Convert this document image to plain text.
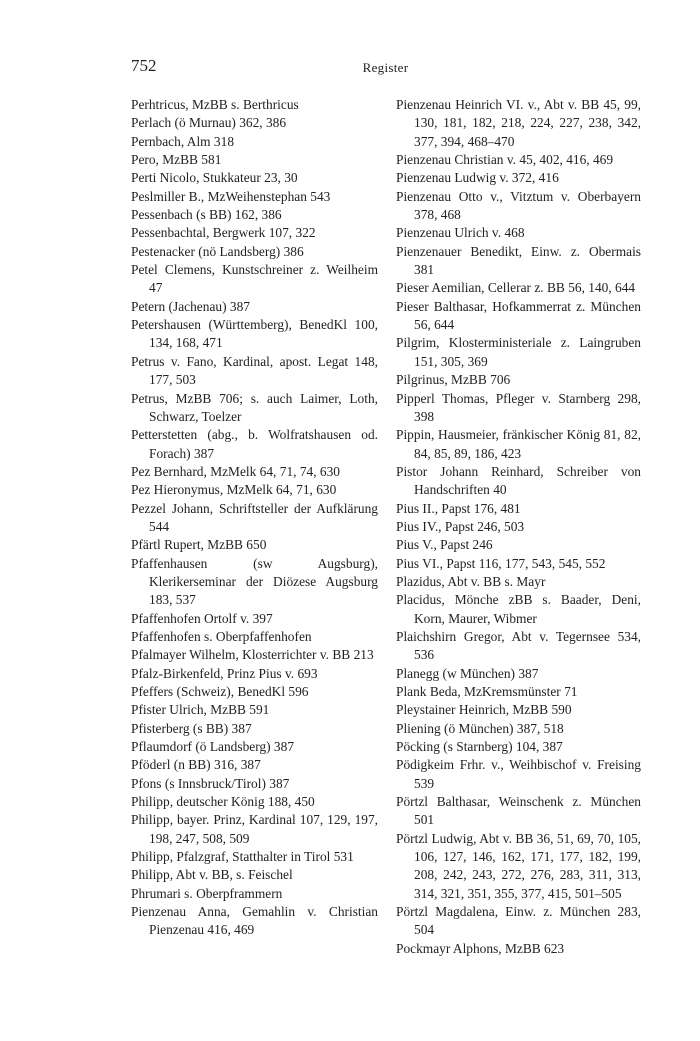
752	Register

Perhtricus, MzBB s. Berthricus

Perlach (ö Murnau) 362, 386

Pernbach, Alm 318

Pero, MzBB 581

Perti Nicolo, Stukkateur 23, 30

Peslmiller B., MzWeihenstephan 543

Pessenbach (s BB) 162, 386

Pessenbachtal, Bergwerk 107, 322

Pestenacker (nö Landsberg) 386

Petel Clemens, Kunstschreiner z. Weilheim 47

Petern (Jachenau) 387

Petershausen (Württemberg), BenedKl 100, 134, 168, 471

Petrus v. Fano, Kardinal, apost. Legat 148, 177, 503

Petrus, MzBB 706; s. auch Laimer, Loth, Schwarz, Toelzer

Petterstetten (abg., b. Wolfratshausen od. Forach) 387

Pez Bernhard, MzMelk 64, 71, 74, 630

Pez Hieronymus, MzMelk 64, 71, 630

Pezzel Johann, Schriftsteller der Aufklärung 544

Pfärtl Rupert, MzBB 650

Pfaffenhausen (sw Augsburg), Klerikerseminar der Diözese Augsburg 183, 537

Pfaffenhofen Ortolf v. 397

Pfaffenhofen s. Oberpfaffenhofen

Pfalmayer Wilhelm, Klosterrichter v. BB 213

Pfalz-Birkenfeld, Prinz Pius v. 693

Pfeffers (Schweiz), BenedKl 596

Pfister Ulrich, MzBB 591

Pfisterberg (s BB) 387

Pflaumdorf (ö Landsberg) 387

Pföderl (n BB) 316, 387

Pfons (s Innsbruck/Tirol) 387

Philipp, deutscher König 188, 450

Philipp, bayer. Prinz, Kardinal 107, 129, 197, 198, 247, 508, 509

Philipp, Pfalzgraf, Statthalter in Tirol 531

Philipp, Abt v. BB, s. Feischel

Phrumari s. Oberpframmern

Pienzenau Anna, Gemahlin v. Christian Pienzenau 416, 469

Pienzenau Heinrich VI. v., Abt v. BB 45, 99, 130, 181, 182, 218, 224, 227, 238, 342, 377, 394, 468–470

Pienzenau Christian v. 45, 402, 416, 469

Pienzenau Ludwig v. 372, 416

Pienzenau Otto v., Vitztum v. Oberbayern 378, 468

Pienzenau Ulrich v. 468

Pienzenauer Benedikt, Einw. z. Obermais 381

Pieser Aemilian, Cellerar z. BB 56, 140, 644

Pieser Balthasar, Hofkammerrat z. München 56, 644

Pilgrim, Klosterministeriale z. Laingruben 151, 305, 369

Pilgrinus, MzBB 706

Pipperl Thomas, Pfleger v. Starnberg 298, 398

Pippin, Hausmeier, fränkischer König 81, 82, 84, 85, 89, 186, 423

Pistor Johann Reinhard, Schreiber von Handschriften 40

Pius II., Papst 176, 481

Pius IV., Papst 246, 503

Pius V., Papst 246

Pius VI., Papst 116, 177, 543, 545, 552

Plazidus, Abt v. BB s. Mayr

Placidus, Mönche zBB s. Baader, Deni, Korn, Maurer, Wibmer

Plaichshirn Gregor, Abt v. Tegernsee 534, 536

Planegg (w München) 387

Plank Beda, MzKremsmünster 71

Pleystainer Heinrich, MzBB 590

Pliening (ö München) 387, 518

Pöcking (s Starnberg) 104, 387

Pödigkeim Frhr. v., Weihbischof v. Freising 539

Pörtzl Balthasar, Weinschenk z. München 501

Pörtzl Ludwig, Abt v. BB 36, 51, 69, 70, 105, 106, 127, 146, 162, 171, 177, 182, 199, 208, 242, 243, 272, 276, 283, 311, 313, 314, 321, 351, 355, 377, 415, 501–505

Pörtzl Magdalena, Einw. z. München 283, 504

Pockmayr Alphons, MzBB 623
